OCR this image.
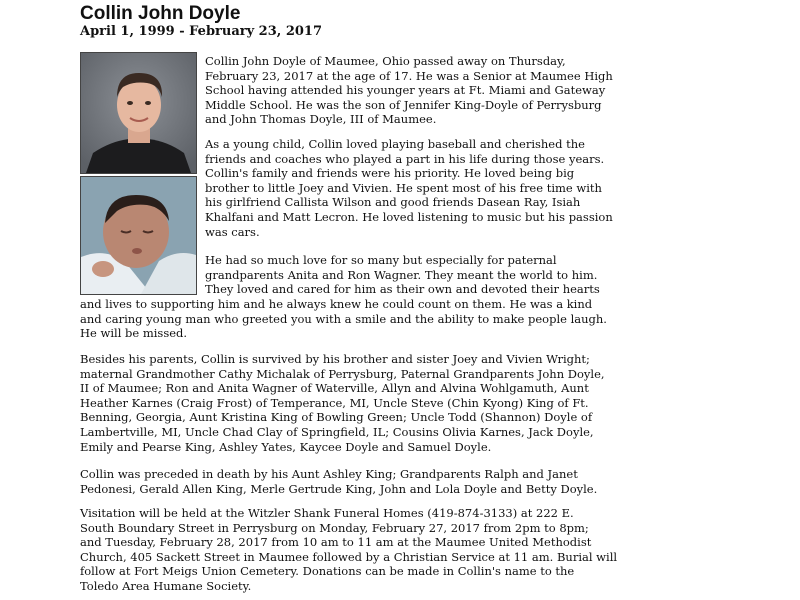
Collin John Doyle
April 1, 1999 - February 23, 2017
Collin John Doyle of Maumee, Ohio passed away on Thursday,
February 23, 2017 at the age of 17. He was a Senior at Maumee High
School having attended his younger years at Ft. Miami and Gateway
Middle School. He was the son of Jennifer King-Doyle of Perrysburg
and John Thomas Doyle, III of Maumee.
As a young child, Collin loved playing baseball and cherished the
friends and coaches who played a part in his life during those years.
Collin's family and friends were his priority. He loved being big
brother to little Joey and Vivien. He spent most of his free time with
his girlfriend Callista Wilson and good friends Dasean Ray, Isiah
Khalfani and Matt Lecron. He loved listening to music but his passion
was cars.
He had so much love for so many but especially for paternal
grandparents Anita and Ron Wagner. They meant the world to him.
They loved and cared for him as their own and devoted their hearts
and lives to supporting him and he always knew he could count on them. He was a kind
and caring young man who greeted you with a smile and the ability to make people laugh.
He will be missed.
Besides his parents, Collin is survived by his brother and sister Joey and Vivien Wright;
maternal Grandmother Cathy Michalak of Perrysburg, Paternal Grandparents John Doyle,
II of Maumee; Ron and Anita Wagner of Waterville, Allyn and Alvina Wohlgamuth, Aunt
Heather Karnes (Craig Frost) of Temperance, MI, Uncle Steve (Chin Kyong) King of Ft.
Benning, Georgia, Aunt Kristina King of Bowling Green; Uncle Todd (Shannon) Doyle of
Lambertville, MI, Uncle Chad Clay of Springfield, IL; Cousins Olivia Karnes, Jack Doyle,
Emily and Pearse King, Ashley Yates, Kaycee Doyle and Samuel Doyle.
Collin was preceded in death by his Aunt Ashley King; Grandparents Ralph and Janet
Pedonesi, Gerald Allen King, Merle Gertrude King, John and Lola Doyle and Betty Doyle.
Visitation will be held at the Witzler Shank Funeral Homes (419-874-3133) at 222 E.
South Boundary Street in Perrysburg on Monday, February 27, 2017 from 2pm to 8pm;
and Tuesday, February 28, 2017 from 10 am to 11 am at the Maumee United Methodist
Church, 405 Sackett Street in Maumee followed by a Christian Service at 11 am. Burial will
follow at Fort Meigs Union Cemetery. Donations can be made in Collin's name to the
Toledo Area Humane Society.
